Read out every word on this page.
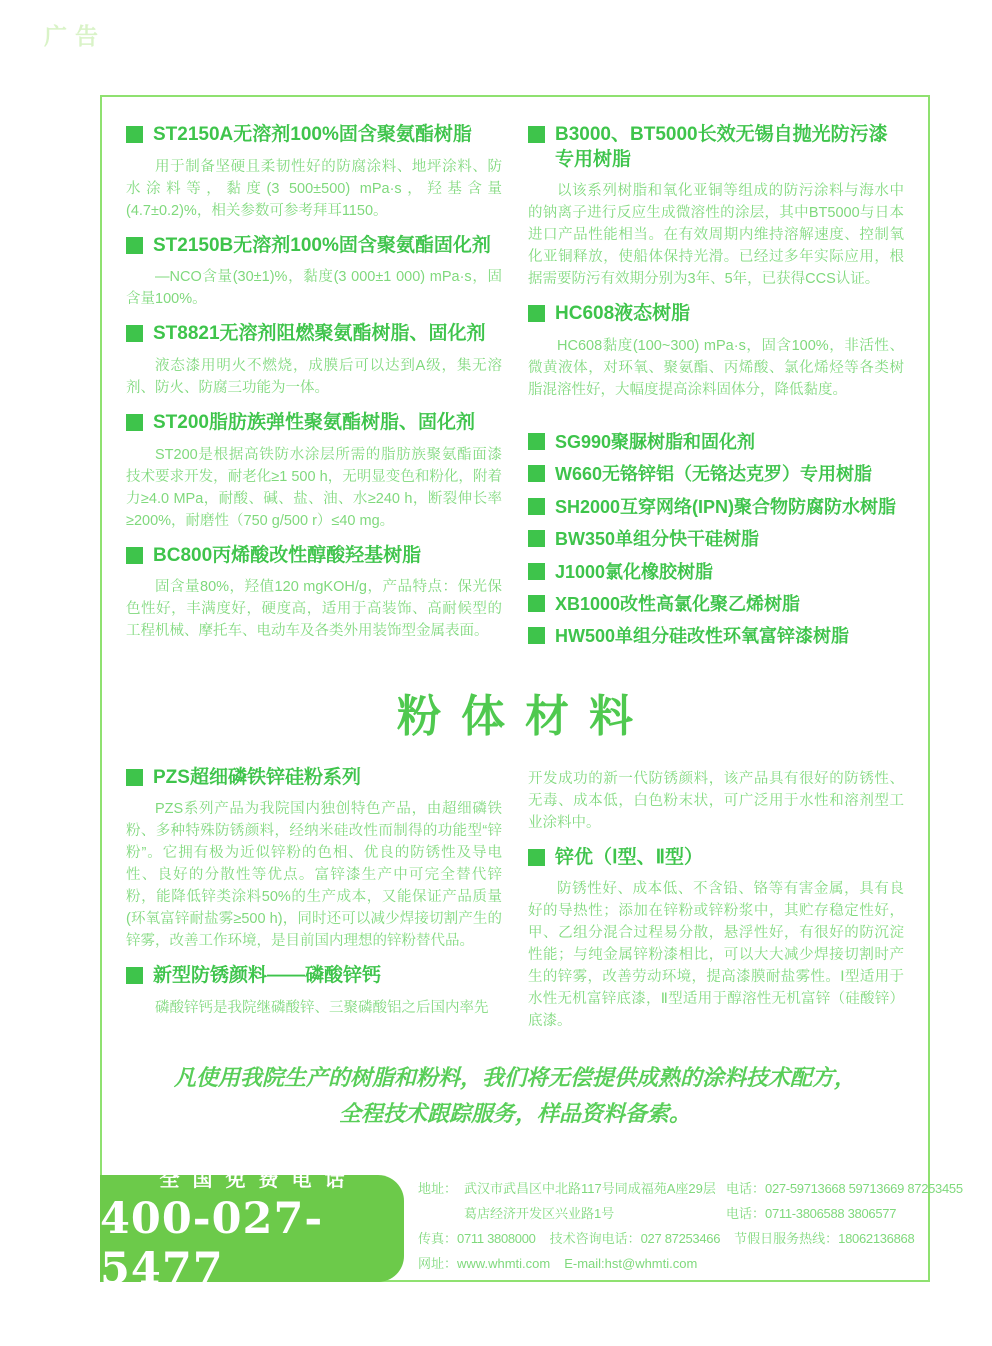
广告
ST2150A无溶剂100%固含聚氨酯树脂

用于制备坚硬且柔韧性好的防腐涂料、地坪涂料、防水涂料等，黏度(3 500±500) mPa·s，羟基含量(4.7±0.2)%，相关参数可参考拜耳1150。

ST2150B无溶剂100%固含聚氨酯固化剂

—NCO含量(30±1)%，黏度(3 000±1 000) mPa·s，固含量100%。

ST8821无溶剂阻燃聚氨酯树脂、固化剂

液态漆用明火不燃烧，成膜后可以达到A级，集无溶剂、防火、防腐三功能为一体。

ST200脂肪族弹性聚氨酯树脂、固化剂

ST200是根据高铁防水涂层所需的脂肪族聚氨酯面漆技术要求开发，耐老化≥1 500 h，无明显变色和粉化，附着力≥4.0 MPa，耐酸、碱、盐、油、水≥240 h，断裂伸长率≥200%，耐磨性（750 g/500 r）≤40 mg。

BC800丙烯酸改性醇酸羟基树脂

固含量80%，羟值120 mgKOH/g，产品特点：保光保色性好，丰满度好，硬度高，适用于高装饰、高耐候型的工程机械、摩托车、电动车及各类外用装饰型金属表面。

B3000、BT5000长效无锡自抛光防污漆
专用树脂

以该系列树脂和氧化亚铜等组成的防污涂料与海水中的钠离子进行反应生成微溶性的涂层，其中BT5000与日本进口产品性能相当。在有效周期内维持溶解速度、控制氧化亚铜释放，使船体保持光滑。已经过多年实际应用，根据需要防污有效期分别为3年、5年，已获得CCS认证。

HC608液态树脂

HC608黏度(100~300) mPa·s，固含100%，非活性、微黄液体，对环氧、聚氨酯、丙烯酸、氯化烯烃等各类树脂混溶性好，大幅度提高涂料固体分，降低黏度。

SG990聚脲树脂和固化剂
W660无铬锌铝（无铬达克罗）专用树脂
SH2000互穿网络(IPN)聚合物防腐防水树脂
BW350单组分快干硅树脂
J1000氯化橡胶树脂
XB1000改性高氯化聚乙烯树脂
HW500单组分硅改性环氧富锌漆树脂
粉体材料
PZS超细磷铁锌硅粉系列

PZS系列产品为我院国内独创特色产品，由超细磷铁粉、多种特殊防锈颜料，经纳米硅改性而制得的功能型“锌粉”。它拥有极为近似锌粉的色相、优良的防锈性及导电性、良好的分散性等优点。富锌漆生产中可完全替代锌粉，能降低锌类涂料50%的生产成本，又能保证产品质量(环氧富锌耐盐雾≥500 h)，同时还可以减少焊接切割产生的锌雾，改善工作环境，是目前国内理想的锌粉替代品。

新型防锈颜料——磷酸锌钙

磷酸锌钙是我院继磷酸锌、三聚磷酸铝之后国内率先

开发成功的新一代防锈颜料，该产品具有很好的防锈性、无毒、成本低，白色粉末状，可广泛用于水性和溶剂型工业涂料中。

锌优（Ⅰ型、Ⅱ型）

防锈性好、成本低、不含铅、铬等有害金属，具有良好的导热性；添加在锌粉或锌粉浆中，其贮存稳定性好，甲、乙组分混合过程易分散，悬浮性好，有很好的防沉淀性能；与纯金属锌粉漆相比，可以大大减少焊接切割时产生的锌雾，改善劳动环境，提高漆膜耐盐雾性。Ⅰ型适用于水性无机富锌底漆，Ⅱ型适用于醇溶性无机富锌（硅酸锌）底漆。

凡使用我院生产的树脂和粉料，我们将无偿提供成熟的涂料技术配方，
全程技术跟踪服务，样品资料备索。
全国免费电话
400-027-5477
地址： 武汉市武昌区中北路117号同成福苑A座29层 电话： 027-59713668 59713669 87253455
葛店经济开发区兴业路1号	电话： 0711-3806588 3806577
传真： 0711 3808000 技术咨询电话： 027 87253466 节假日服务热线： 18062136868
网址： www.whmti.com E-mail:hst@whmti.com
